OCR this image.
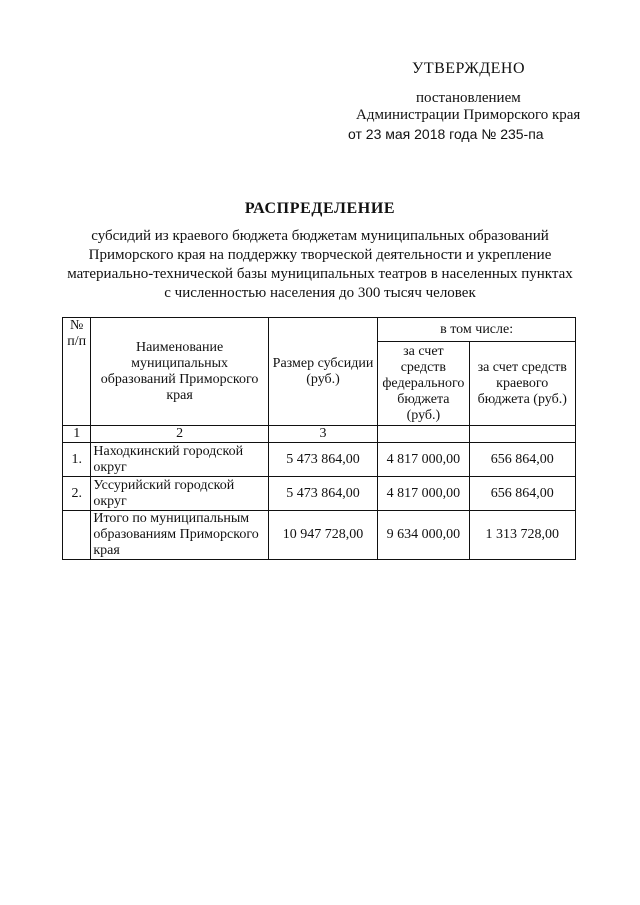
УТВЕРЖДЕНО
постановлением
Администрации Приморского края
от 23 мая 2018 года № 235-па
РАСПРЕДЕЛЕНИЕ
субсидий из краевого бюджета бюджетам муниципальных образований
Приморского края на поддержку творческой деятельности и укрепление
материально-технической базы муниципальных театров в населенных пунктах
с численностью населения до 300 тысяч человек
№ п/п	Наименование муниципальных образований Приморского края	Размер субсидии (руб.)	в том числе:	
			за счет средств федерального бюджета (руб.)	за счет средств краевого бюджета (руб.)
1	2	3		
1.	Находкинский городской округ	5 473 864,00	4 817 000,00	656 864,00
2.	Уссурийский городской округ	5 473 864,00	4 817 000,00	656 864,00
	Итого по муниципальным образованиям Приморского края	10 947 728,00	9 634 000,00	1 313 728,00
